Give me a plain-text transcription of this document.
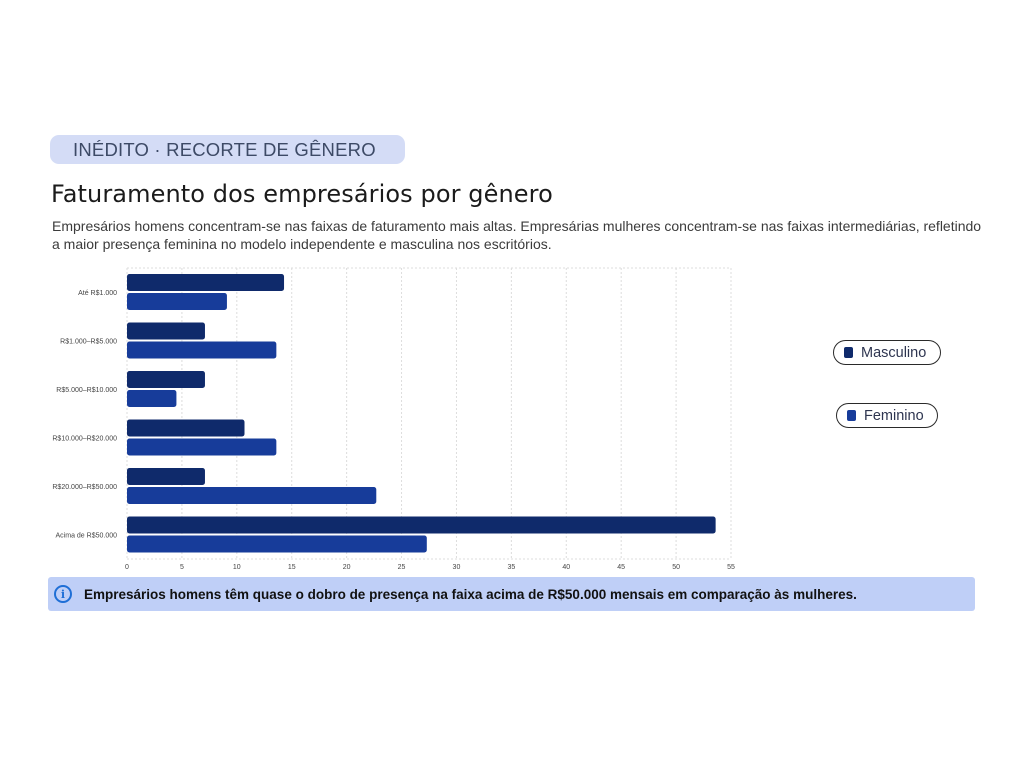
INÉDITO · RECORTE DE GÊNERO
Faturamento dos empresários por gênero

Empresários homens concentram-se nas faixas de faturamento mais altas. Empresárias mulheres concentram-se nas faixas intermediárias, refletindo a maior presença feminina no modelo independente e masculina nos escritórios.

0	5	10	15	20	25	30	35	40	45	50	55
Até R$1.000
R$1.000–R$5.000
R$5.000–R$10.000
R$10.000–R$20.000
R$20.000–R$50.000
Acima de R$50.000
Masculino
Feminino
i	Empresários homens têm quase o dobro de presença na faixa acima de R$50.000 mensais em comparação às mulheres.
